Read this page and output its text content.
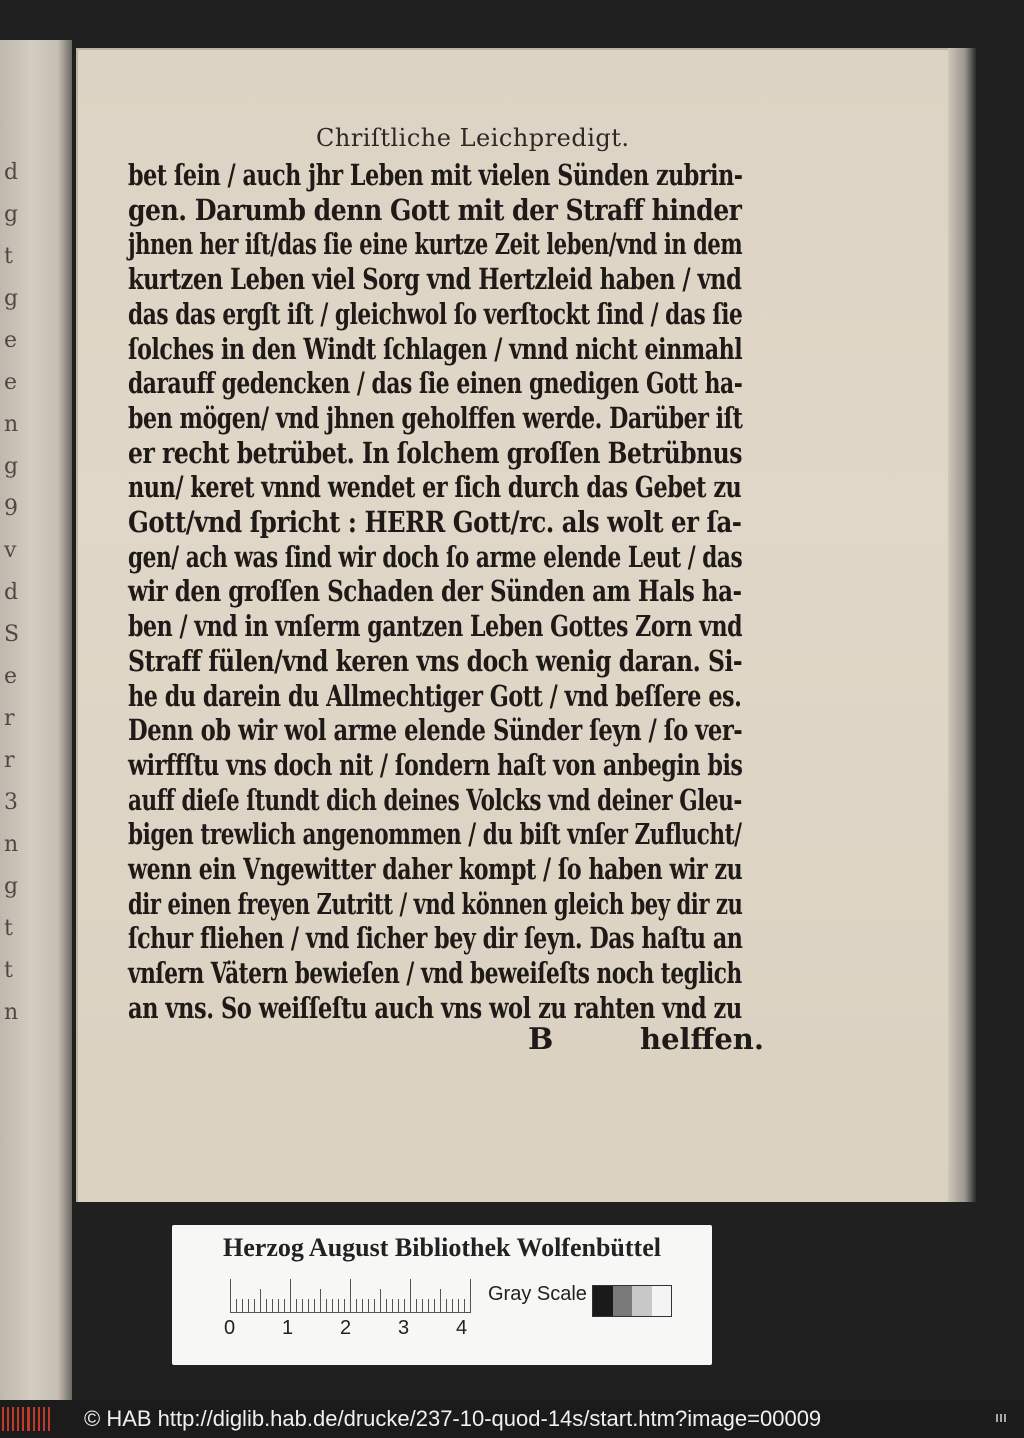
d
g
t
g
e
e
n
g
9
v
d
S
e
r
r
3
n
g
t
t
n
Chriſtliche Leichpredigt.
bet ſein / auch jhr Leben mit vielen Sünden zubrin-
gen. Darumb denn Gott mit der Straff hinder
jhnen her iſt/das ſie eine kurtze Zeit leben/vnd in dem
kurtzen Leben viel Sorg vnd Hertzleid haben / vnd
das das ergſt iſt / gleichwol ſo verſtockt ſind / das ſie
ſolches in den Windt ſchlagen / vnnd nicht einmahl
darauff gedencken / das ſie einen gnedigen Gott ha-
ben mögen/ vnd jhnen geholffen werde. Darüber iſt
er recht betrübet. In ſolchem groſſen Betrübnus
nun/ keret vnnd wendet er ſich durch das Gebet zu
Gott/vnd ſpricht : HERR Gott/rc. als wolt er ſa-
gen/ ach was ſind wir doch ſo arme elende Leut / das
wir den groſſen Schaden der Sünden am Hals ha-
ben / vnd in vnſerm gantzen Leben Gottes Zorn vnd
Straff fülen/vnd keren vns doch wenig daran. Si-
he du darein du Allmechtiger Gott / vnd beſſere es.
Denn ob wir wol arme elende Sünder ſeyn / ſo ver-
wirffſtu vns doch nit / ſondern haſt von anbegin bis
auff dieſe ſtundt dich deines Volcks vnd deiner Gleu-
bigen trewlich angenommen / du biſt vnſer Zuflucht/
wenn ein Vngewitter daher kompt / ſo haben wir zu
dir einen freyen Zutritt / vnd können gleich bey dir zu
ſchur fliehen / vnd ſicher bey dir ſeyn. Das haſtu an
vnſern Vätern bewieſen / vnd beweiſeſts noch teglich
an vns. So weiſſeſtu auch vns wol zu rahten vnd zu
B	helffen.
Herzog August Bibliothek Wolfenbüttel
0 1 2 3 4
Gray Scale
© HAB http://diglib.hab.de/drucke/237-10-quod-14s/start.htm?image=00009
